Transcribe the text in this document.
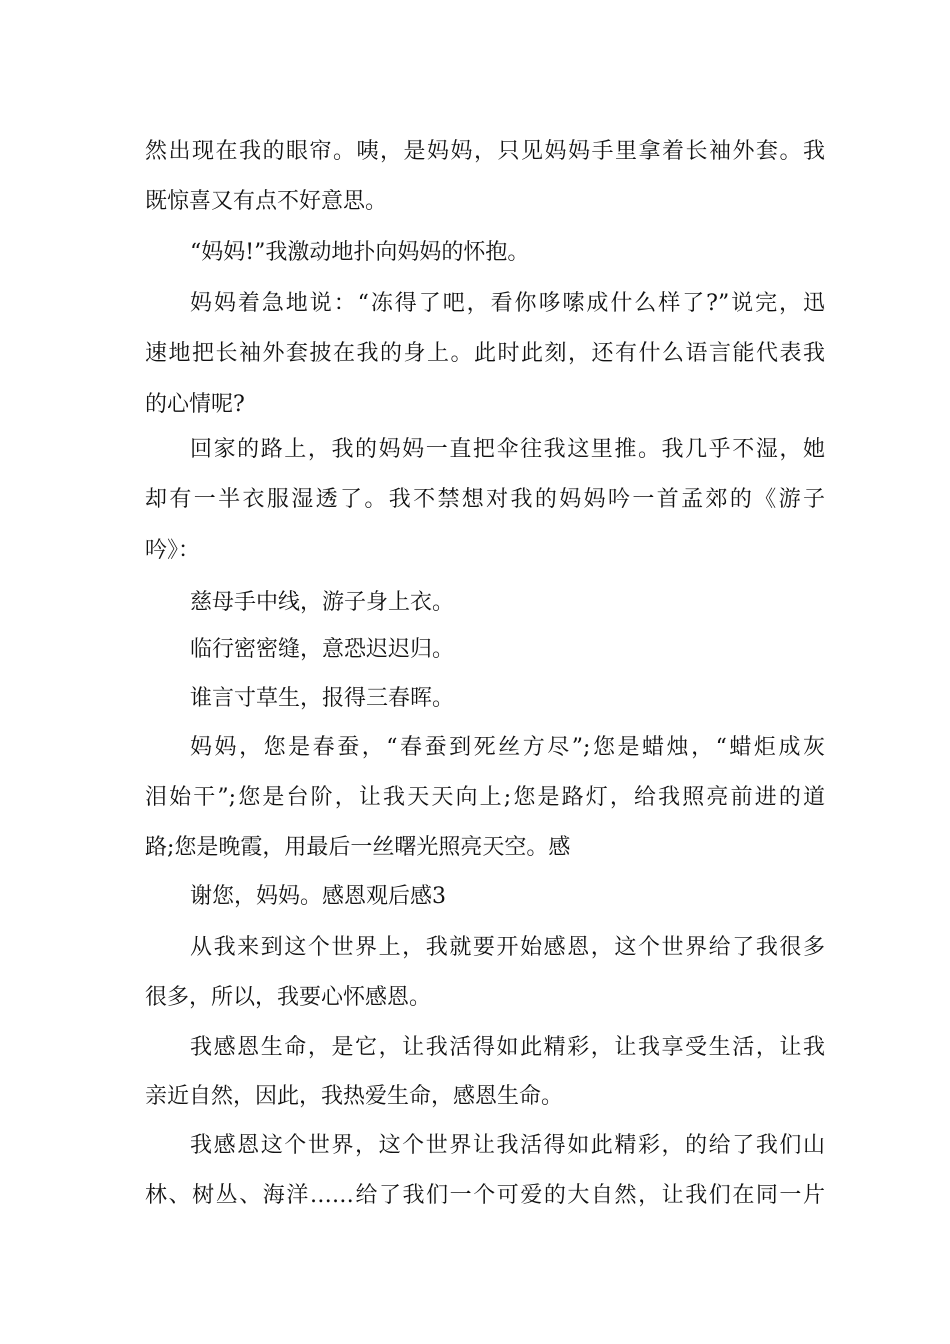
然出现在我的眼帘。咦，是妈妈，只见妈妈手里拿着长袖外套。我
既惊喜又有点不好意思。
“妈妈!”我激动地扑向妈妈的怀抱。
妈妈着急地说：“冻得了吧，看你哆嗦成什么样了?”说完，迅
速地把长袖外套披在我的身上。此时此刻，还有什么语言能代表我
的心情呢?
回家的路上，我的妈妈一直把伞往我这里推。我几乎不湿，她
却有一半衣服湿透了。我不禁想对我的妈妈吟一首孟郊的《游子
吟》：
慈母手中线，游子身上衣。
临行密密缝，意恐迟迟归。
谁言寸草生，报得三春晖。
妈妈，您是春蚕，“春蚕到死丝方尽”;您是蜡烛，“蜡炬成灰
泪始干”;您是台阶，让我天天向上;您是路灯，给我照亮前进的道
路;您是晚霞，用最后一丝曙光照亮天空。感
谢您，妈妈。感恩观后感3
从我来到这个世界上，我就要开始感恩，这个世界给了我很多
很多，所以，我要心怀感恩。
我感恩生命，是它，让我活得如此精彩，让我享受生活，让我
亲近自然，因此，我热爱生命，感恩生命。
我感恩这个世界，这个世界让我活得如此精彩，的给了我们山
林、树丛、海洋……给了我们一个可爱的大自然，让我们在同一片
